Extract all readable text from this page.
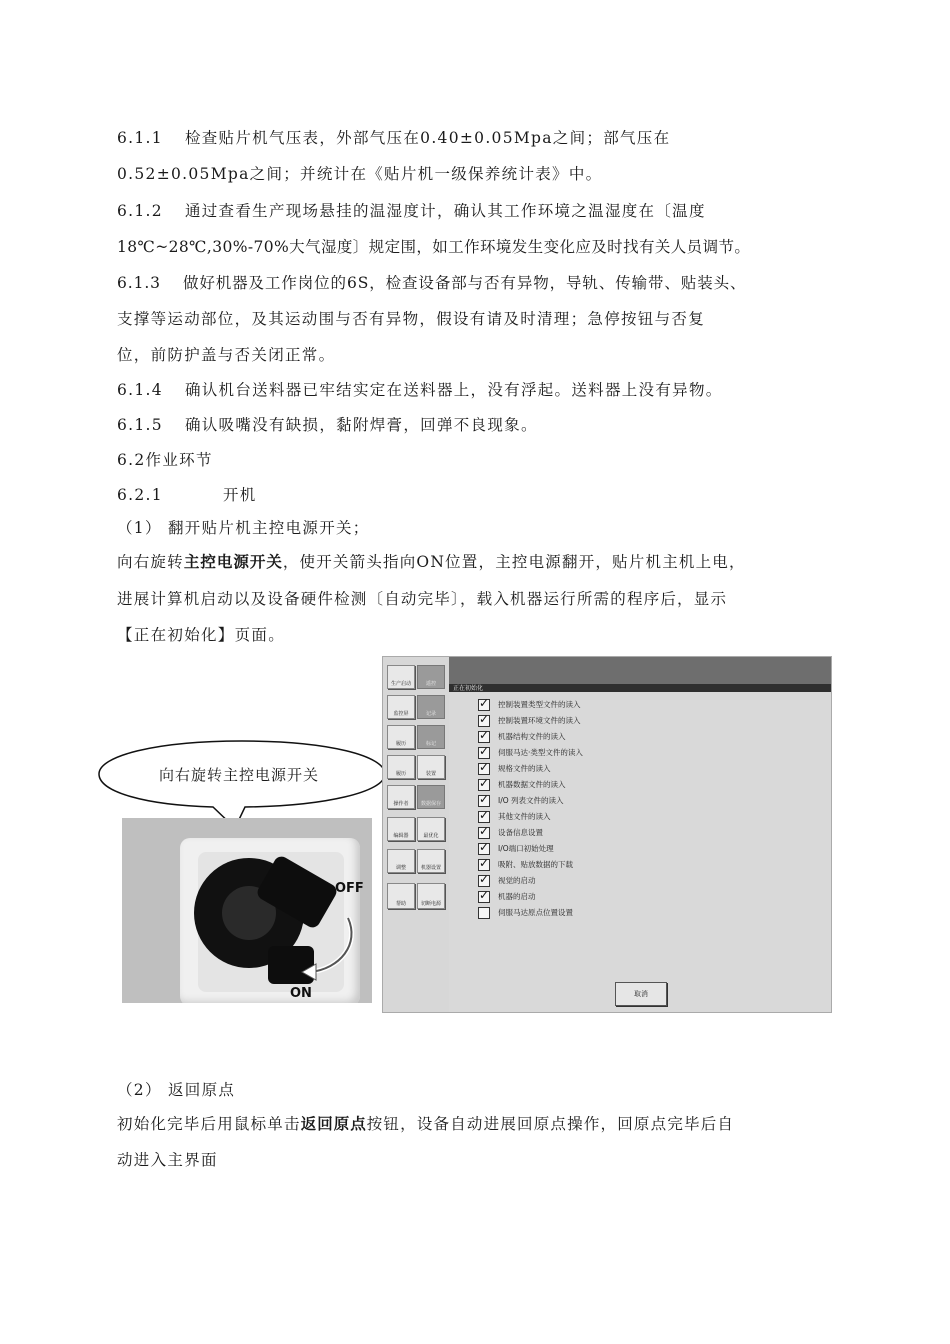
6.1.1 检查贴片机气压表，外部气压在0.40±0.05Mpa之间；部气压在
0.52±0.05Mpa之间；并统计在《贴片机一级保养统计表》中。
6.1.2 通过查看生产现场悬挂的温湿度计，确认其工作环境之温湿度在〔温度
18℃~28℃,30%-70%大气湿度〕规定围，如工作环境发生变化应及时找有关人员调节。
6.1.3 做好机器及工作岗位的6S，检查设备部与否有异物，导轨、传输带、贴装头、
支撑等运动部位，及其运动围与否有异物，假设有请及时清理；急停按钮与否复
位，前防护盖与否关闭正常。
6.1.4 确认机台送料器已牢结实定在送料器上，没有浮起。送料器上没有异物。
6.1.5 确认吸嘴没有缺损，黏附焊膏，回弹不良现象。
6.2作业环节
6.2.1	开机
（1） 翻开贴片机主控电源开关；
向右旋转主控电源开关，使开关箭头指向ON位置，主控电源翻开，贴片机主机上电，
进展计算机启动以及设备硬件检测〔自动完毕〕，载入机器运行所需的程序后，显示
【正在初始化】页面。
向右旋转主控电源开关
OFF
ON
正在初始化
生产启动	遥控
监控屏	记录
履历	标记
履历	装置
操作者	数据保存
编辑器	最优化
调整	机器设置
帮助	切断电源
✓
控制装置类型文件的读入
✓
控制装置环境文件的读入
✓
机器结构文件的读入
✓
伺服马达·类型文件的读入
✓
规格文件的读入
✓
机器数据文件的读入
✓
I/O 列表文件的读入
✓
其他文件的读入
✓
设备信息设置
✓
I/O端口初始处理
✓
吸附、贴放数据的下载
✓
视觉的启动
✓
机器的启动
伺服马达原点位置设置
取消
（2） 返回原点
初始化完毕后用鼠标单击返回原点按钮，设备自动进展回原点操作，回原点完毕后自
动进入主界面
